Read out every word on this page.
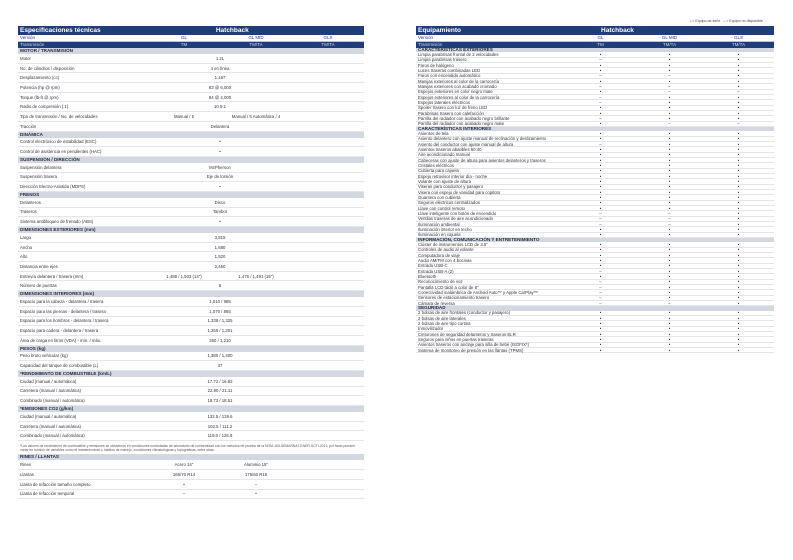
• = Equipo de serie – = Equipo no disponible
Especificaciones técnicas	Hatchback
Versión	GL	GL MID	GLS
Transmisión	TM	TM/TA	TM/TA
MOTOR / TRANSMISIÓN
Motor	1.2L
No. de cilindros / disposición	4 en línea
Desplazamiento (cc)	1,197
Potencia (hp @ rpm)	83 @ 6,000
Torque (lb-ft @ rpm)	84 @ 4,000
Radio de compresión (:1)	10.5:1
Tipo de transmisión / No. de velocidades	Manual / 5	Manual / 5 Automática / 4
Tracción	Delantera
DINÁMICA
Control electrónico de estabilidad (ESC)	•
Control de asistencia en pendientes (HAC)	•
SUSPENSIÓN / DIRECCIÓN
Suspensión delantera	McPherson
Suspensión trasera	Eje de torsión
Dirección Electro-Asistida (MDPS)	•
FRENOS
Delanteros	Disco
Traseros	Tambor
Sistema antibloqueo de frenado (ABS)	•
DIMENSIONES EXTERIORES (mm)
Largo	3,815
Ancho	1,680
Alto	1,520
Distancia entre ejes	2,450
Entrevía delantera / trasera (mm)	1,488 / 1,503 (14")	1,476 / 1,491 (15")
Número de puertas	5
DIMENSIONES INTERIORES (mm)
Espacio para la cabeza - delantera / trasera	1,010 / 985
Espacio para las piernas - delantera / trasera	1,070 / 865
Espacio para los hombros - delantera / trasera	1,339 / 1,325
Espacio para cadera - delantera / trasera	1,259 / 1,201
Área de carga en litros (VDA) - mín. / máx.	260 / 1,210
PESOS (kg)
Peso bruto vehicular (kg)	1,380 / 1,400
Capacidad del tanque de combustible (L)	37
*RENDIMIENTO DE COMBUSTIBLE (km/L)
Ciudad (manual / automática)	17.72 / 16.82
Carretera (manual / automática)	22.90 / 21.11
Combinado (manual / automática)	19.73 / 18.51
*EMISIONES CO2 (g/km)
Ciudad (manual / automática)	132.5 / 139.6
Carretera (manual / automática)	102.5 / 111.2
Combinado (manual / automática)	119.0 / 126.8
*Los valores de rendimiento de combustible y emisiones se obtuvieron en condiciones controladas de laboratorio de conformidad con los métodos de prueba de la NOM-163-SEMARNAT-ENER-SCFI-2013, por tanto pueden variar en función de variables como el mantenimiento y hábitos de manejo, condiciones climatológicas y topográficas, entre otras.
RINES / LLANTAS
Rines	Acero 14"	Aluminio 15"
Llantas	165/70 R14	175/60 R15
Llanta de refacción tamaño completo	•	–
Llanta de refacción temporal	–	•
Equipamiento	Hatchback
Versión	GL	GL MID	GLS
Transmisión	TM	TM/TA	TM/TA
CARACTERÍSTICAS EXTERIORES
Limpia parabrisas frontal de 2 velocidades	•	•	•
Limpia parabrisas trasero	–	•	•
Faros de halógeno	•	•	•
Luces traseras combinadas LED	•	•	•
Faros con encendido automático	–	–	•
Manijas exteriores al color de la carrocería	•	•	•
Manijas exteriores con acabado cromado	–	–	•
Espejos exteriores en color negro mate	•	–	–
Espejos exteriores al color de la carrocería	–	•	•
Espejos laterales eléctricos	–	•	•
Spoiler trasero con luz de freno LED	•	•	•
Parabrisas trasero con calefacción	•	•	•
Parrilla del radiador con acabado negro brillante	–	•	•
Parrilla del radiador con acabado negro mate	•	–	–
CARACTERÍSTICAS INTERIORES
Asientos de tela	•	•	•
Asiento delantero con ajuste manual de reclinación y deslizamiento	•	•	•
Asiento del conductor con ajuste manual de altura	–	•	•
Asientos traseros abatibles 60:40	•	•	•
Aire acondicionado manual	•	•	•
Cabeceras con ajuste de altura para asientos delanteros y traseros	•	•	•
Cristales eléctricos	•	•	•
Cubierta para cajuela	•	•	•
Espejo retrovisor interior día - noche	•	•	•
Volante con ajuste de altura	•	•	•
Viseras para conductor y pasajero	•	•	•
Visera con espejo de vanidad para copiloto	•	•	•
Guantera con cubierta	•	•	•
Seguros eléctricos centralizados	•	•	•
Llave con control remoto	•	•	•
Llave inteligente con botón de encendido	–	–	•
Ventilas traseras de aire acondicionado	–	–	•
Iluminación ambiental	–	–	•
Iluminación interior en techo	•	•	•
Iluminación en cajuela	•	•	•
INFORMACIÓN, COMUNICACIÓN Y ENTRETENIMIENTO
Clúster de instrumentos LCD de 3.5"	•	•	•
Controles de audio al volante	•	•	•
Computadora de viaje	•	•	•
Audio AM/FM con 4 bocinas	•	•	•
Entrada USB-C	•	•	•
Entrada USB-A (2)	–	•	•
Bluetooth	•	•	•
Reconocimiento de voz	–	•	•
Pantalla LCD táctil a color de 8"	–	•	•
Conectividad inalámbrica de Android Auto™ y Apple CarPlay™	–	•	•
Sensores de estacionamiento trasero	–	•	•
Cámara de reversa	–	–	•
SEGURIDAD
2 bolsas de aire frontales (conductor y pasajero)	•	•	•
2 bolsas de aire laterales	•	•	•
2 bolsas de aire tipo cortina	•	•	•
Inmovilizador	•	•	•
Cinturones de seguridad delanteros y traseros ELR	•	•	•
Seguros para niños en puertas traseras	•	•	•
Asientos traseros con anclaje para silla de bebé (ISOFIX*)	•	•	•
Sistema de monitoreo de presión en las llantas (TPMS)	•	•	•
